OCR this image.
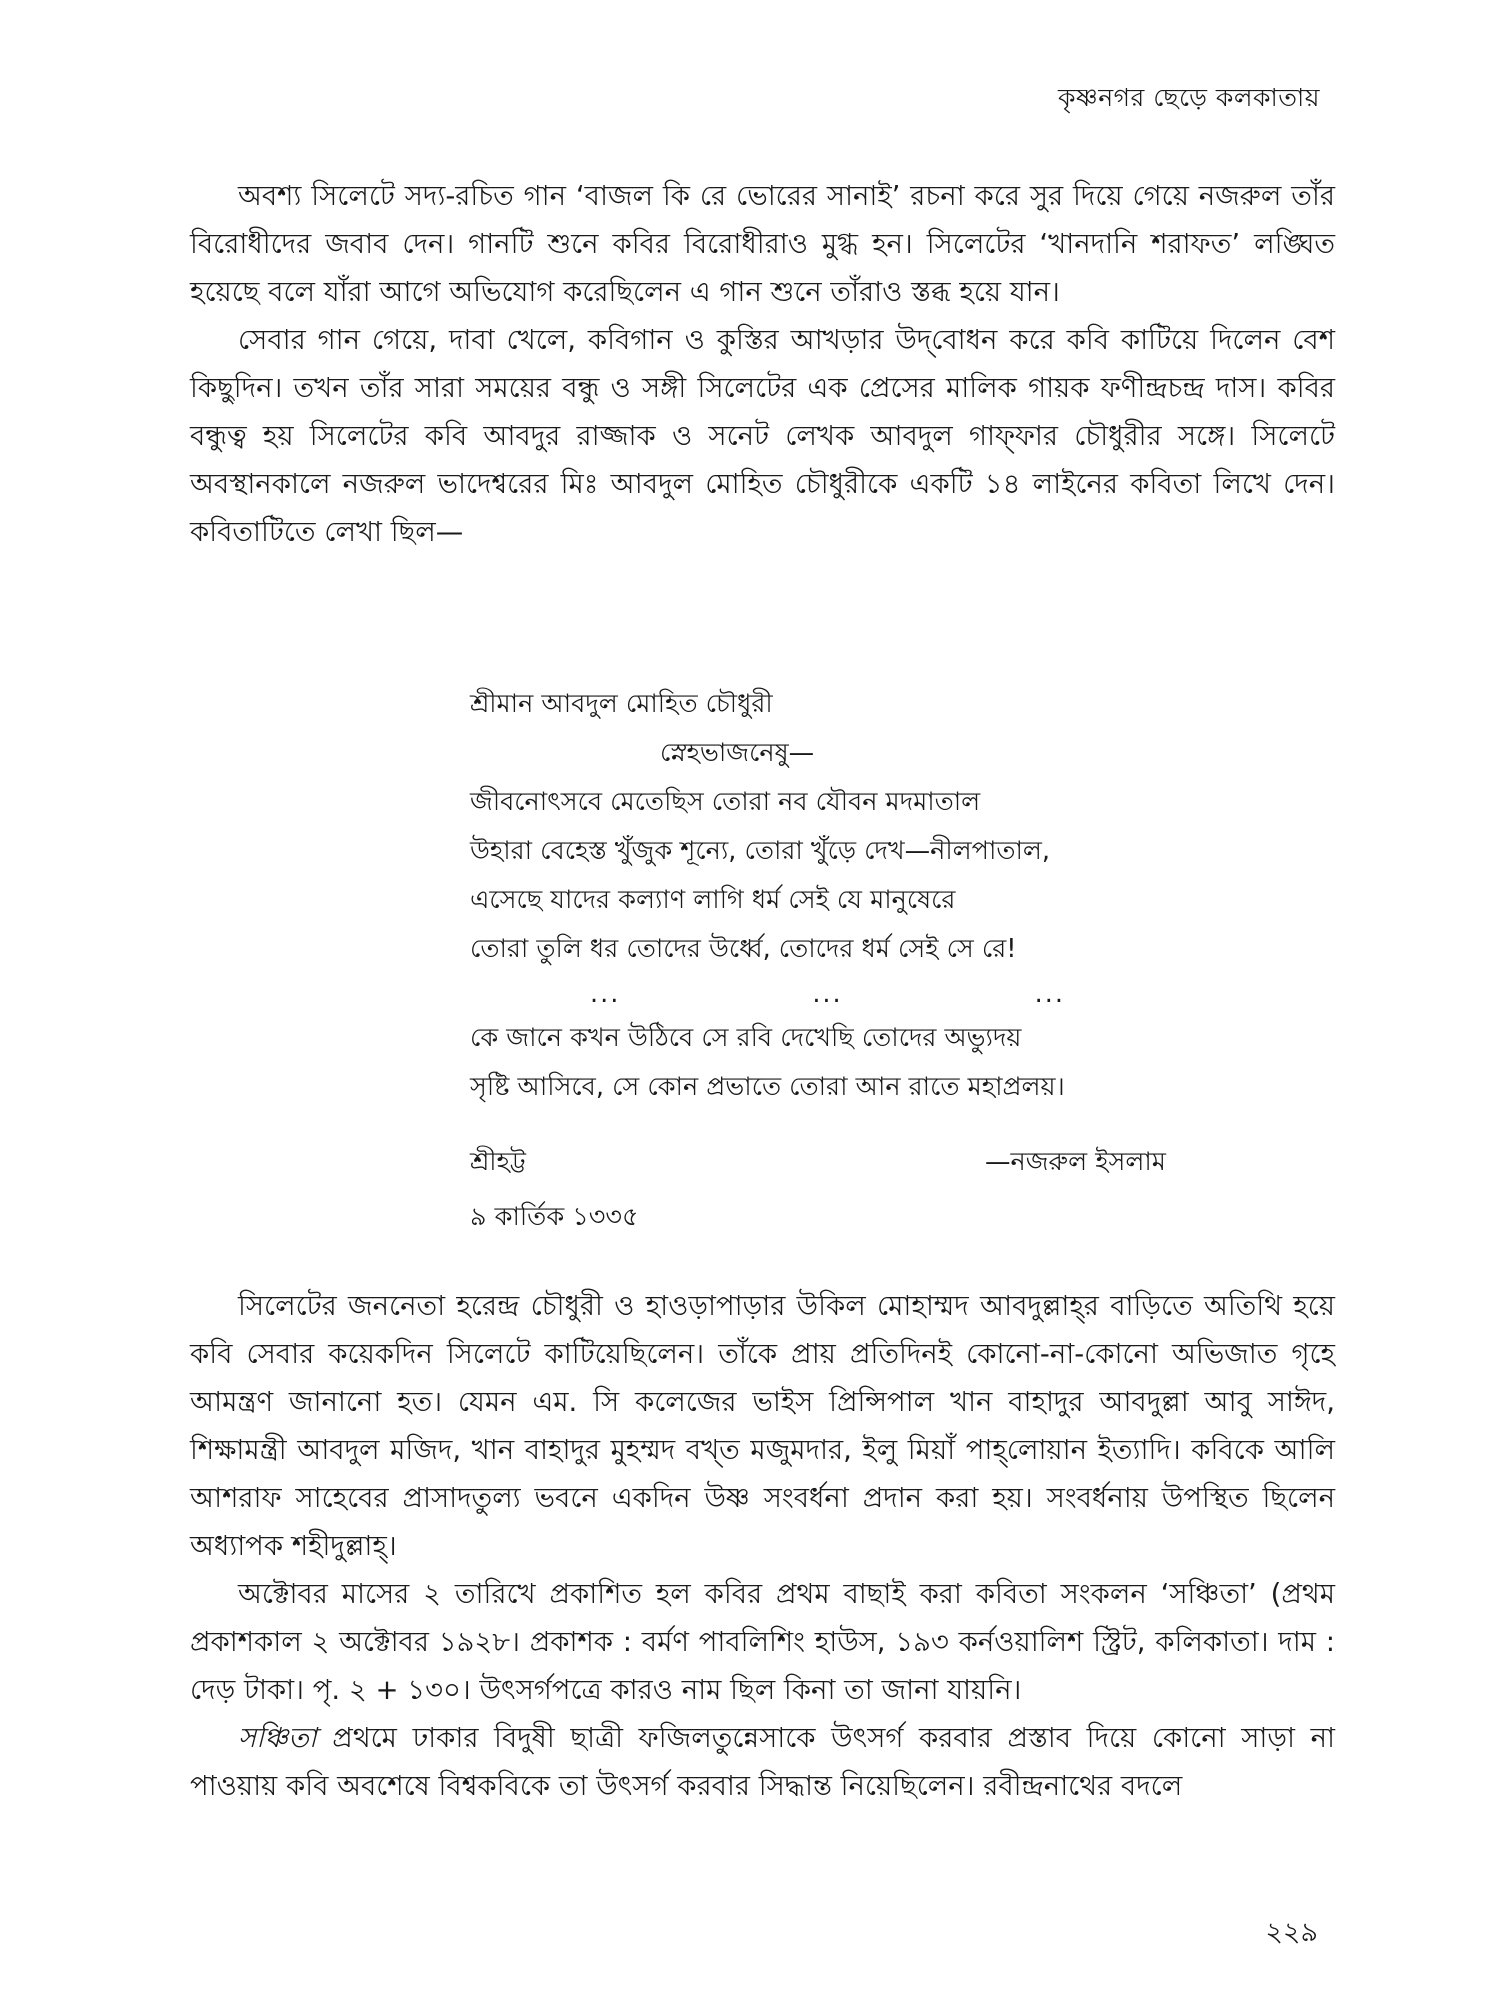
কৃষ্ণনগর ছেড়ে কলকাতায়

অবশ্য সিলেটে সদ্য-রচিত গান ‘বাজল কি রে ভোরের সানাই’ রচনা করে সুর দিয়ে গেয়ে নজরুল তাঁর বিরোধীদের জবাব দেন। গানটি শুনে কবির বিরোধীরাও মুগ্ধ হন। সিলেটের ‘খানদানি শরাফত’ লঙ্ঘিত হয়েছে বলে যাঁরা আগে অভিযোগ করেছিলেন এ গান শুনে তাঁরাও স্তব্ধ হয়ে যান।

সেবার গান গেয়ে, দাবা খেলে, কবিগান ও কুস্তির আখড়ার উদ্‌বোধন করে কবি কাটিয়ে দিলেন বেশ কিছুদিন। তখন তাঁর সারা সময়ের বন্ধু ও সঙ্গী সিলেটের এক প্রেসের মালিক গায়ক ফণীন্দ্রচন্দ্র দাস। কবির বন্ধুত্ব হয় সিলেটের কবি আবদুর রাজ্জাক ও সনেট লেখক আবদুল গাফ্‌ফার চৌধুরীর সঙ্গে। সিলেটে অবস্থানকালে নজরুল ভাদেশ্বরের মিঃ আবদুল মোহিত চৌধুরীকে একটি ১৪ লাইনের কবিতা লিখে দেন। কবিতাটিতে লেখা ছিল—

শ্রীমান আবদুল মোহিত চৌধুরী
স্নেহভাজনেষু—
জীবনোৎসবে মেতেছিস তোরা নব যৌবন মদমাতাল
উহারা বেহেস্ত খুঁজুক শূন্যে, তোরা খুঁড়ে দেখ—নীলপাতাল,
এসেছে যাদের কল্যাণ লাগি ধর্ম সেই যে মানুষেরে
তোরা তুলি ধর তোদের উর্ধ্বে, তোদের ধর্ম সেই সে রে!
...                   ...                   ...
কে জানে কখন উঠিবে সে রবি দেখেছি তোদের অভ্যুদয়
সৃষ্টি আসিবে, সে কোন প্রভাতে তোরা আন রাতে মহাপ্রলয়।
শ্রীহট্ট	—নজরুল ইসলাম
৯ কার্তিক ১৩৩৫

সিলেটের জননেতা হরেন্দ্র চৌধুরী ও হাওড়াপাড়ার উকিল মোহাম্মদ আবদুল্লাহ্‌র বাড়িতে অতিথি হয়ে কবি সেবার কয়েকদিন সিলেটে কাটিয়েছিলেন। তাঁকে প্রায় প্রতিদিনই কোনো-না-কোনো অভিজাত গৃহে আমন্ত্রণ জানানো হত। যেমন এম. সি কলেজের ভাইস প্রিন্সিপাল খান বাহাদুর আবদুল্লা আবু সাঈদ, শিক্ষামন্ত্রী আবদুল মজিদ, খান বাহাদুর মুহম্মদ বখ্‌ত মজুমদার, ইলু মিয়াঁ পাহ্‌লোয়ান ইত্যাদি। কবিকে আলি আশরাফ সাহেবের প্রাসাদতুল্য ভবনে একদিন উষ্ণ সংবর্ধনা প্রদান করা হয়। সংবর্ধনায় উপস্থিত ছিলেন অধ্যাপক শহীদুল্লাহ্‌।

অক্টোবর মাসের ২ তারিখে প্রকাশিত হল কবির প্রথম বাছাই করা কবিতা সংকলন ‘সঞ্চিতা’ (প্রথম প্রকাশকাল ২ অক্টোবর ১৯২৮। প্রকাশক : বর্মণ পাবলিশিং হাউস, ১৯৩ কর্নওয়ালিশ স্ট্রিট, কলিকাতা। দাম : দেড় টাকা। পৃ. ২ + ১৩০। উৎসর্গপত্রে কারও নাম ছিল কিনা তা জানা যায়নি।

সঞ্চিতা প্রথমে ঢাকার বিদুষী ছাত্রী ফজিলতুন্নেসাকে উৎসর্গ করবার প্রস্তাব দিয়ে কোনো সাড়া না পাওয়ায় কবি অবশেষে বিশ্বকবিকে তা উৎসর্গ করবার সিদ্ধান্ত নিয়েছিলেন। রবীন্দ্রনাথের বদলে

২২৯
